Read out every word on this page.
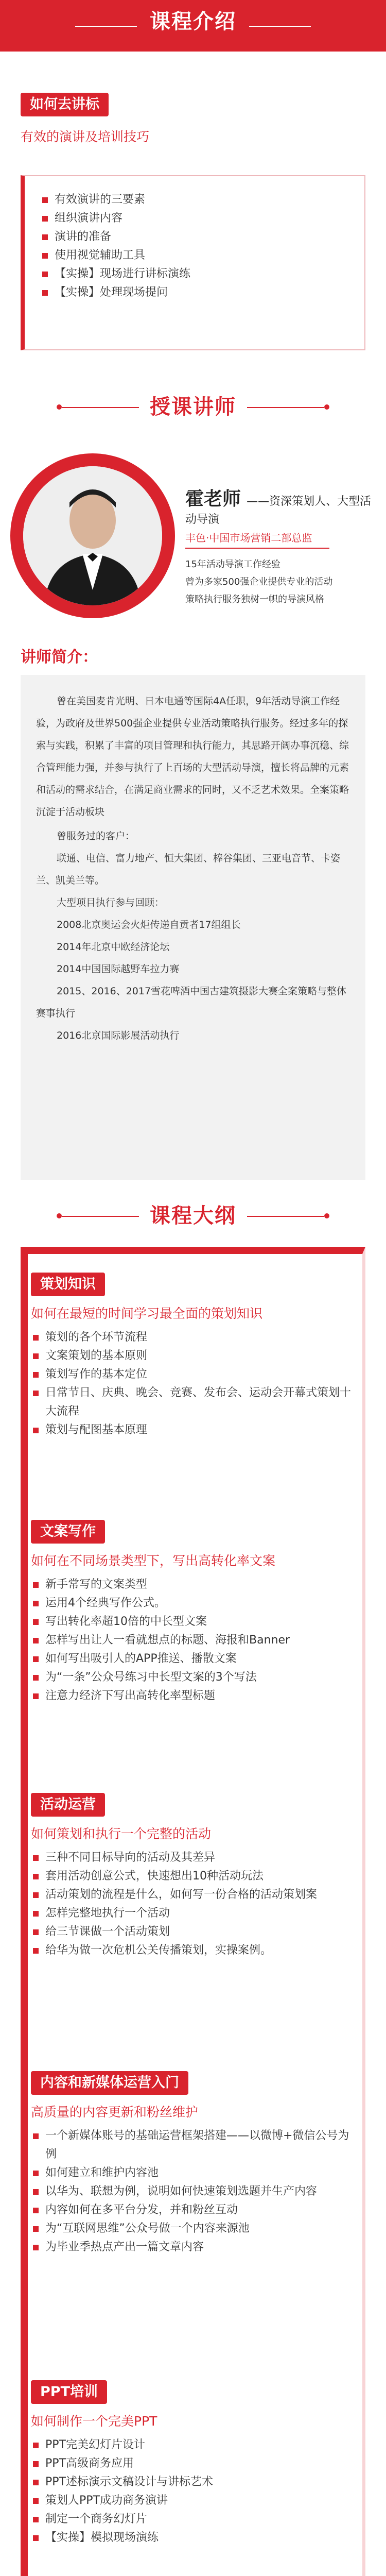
课程介绍
如何去讲标
有效的演讲及培训技巧
有效演讲的三要素
组织演讲内容
演讲的准备
使用视觉辅助工具
【实操】现场进行讲标演练
【实操】处理现场提问
授课讲师
霍老师 ——资深策划人、大型活动导演
丰色·中国市场营销二部总监
15年活动导演工作经验
曾为多家500强企业提供专业的活动
策略执行服务独树一帜的导演风格
讲师简介：

曾在美国麦肯光明、日本电通等国际4A任职，9年活动导演工作经验，为政府及世界500强企业提供专业活动策略执行服务。经过多年的探索与实践，积累了丰富的项目管理和执行能力，其思路开阔办事沉稳、综合管理能力强，并参与执行了上百场的大型活动导演，擅长将品牌的元素和活动的需求结合，在满足商业需求的同时，又不乏艺术效果。全案策略沉淀于活动板块

曾服务过的客户：

联通、电信、富力地产、恒大集团、棒谷集团、三亚电音节、卡姿兰、凯美兰等。

大型项目执行参与回顾：

2008北京奥运会火炬传递自贡者17组组长

2014年北京中欧经济论坛

2014中国国际越野车拉力赛

2015、2016、2017雪花啤酒中国古建筑摄影大赛全案策略与整体赛事执行

2016北京国际影展活动执行

课程大纲
策划知识
如何在最短的时间学习最全面的策划知识
策划的各个环节流程
文案策划的基本原则
策划写作的基本定位
日常节日、庆典、晚会、竞赛、发布会、运动会开幕式策划十大流程
策划与配图基本原理
文案写作
如何在不同场景类型下，写出高转化率文案
新手常写的文案类型
运用4个经典写作公式。
写出转化率超10倍的中长型文案
怎样写出让人一看就想点的标题、海报和Banner
如何写出吸引人的APP推送、播散文案
为“一条”公众号练习中长型文案的3个写法
注意力经济下写出高转化率型标题
活动运营
如何策划和执行一个完整的活动
三种不同目标导向的活动及其差异
套用活动创意公式，快速想出10种活动玩法
活动策划的流程是什么，如何写一份合格的活动策划案
怎样完整地执行一个活动
给三节课做一个活动策划
给华为做一次危机公关传播策划，实操案例。
内容和新媒体运营入门
高质量的内容更新和粉丝维护
一个新媒体账号的基础运营框架搭建——以微博+微信公号为例
如何建立和维护内容池
以华为、联想为例，说明如何快速策划选题并生产内容
内容如何在多平台分发，并和粉丝互动
为“互联网思维”公众号做一个内容来源池
为毕业季热点产出一篇文章内容
PPT培训
如何制作一个完美PPT
PPT完美幻灯片设计
PPT高级商务应用
PPT述标演示文稿设计与讲标艺术
策划人PPT成功商务演讲
制定一个商务幻灯片
【实操】模拟现场演练
